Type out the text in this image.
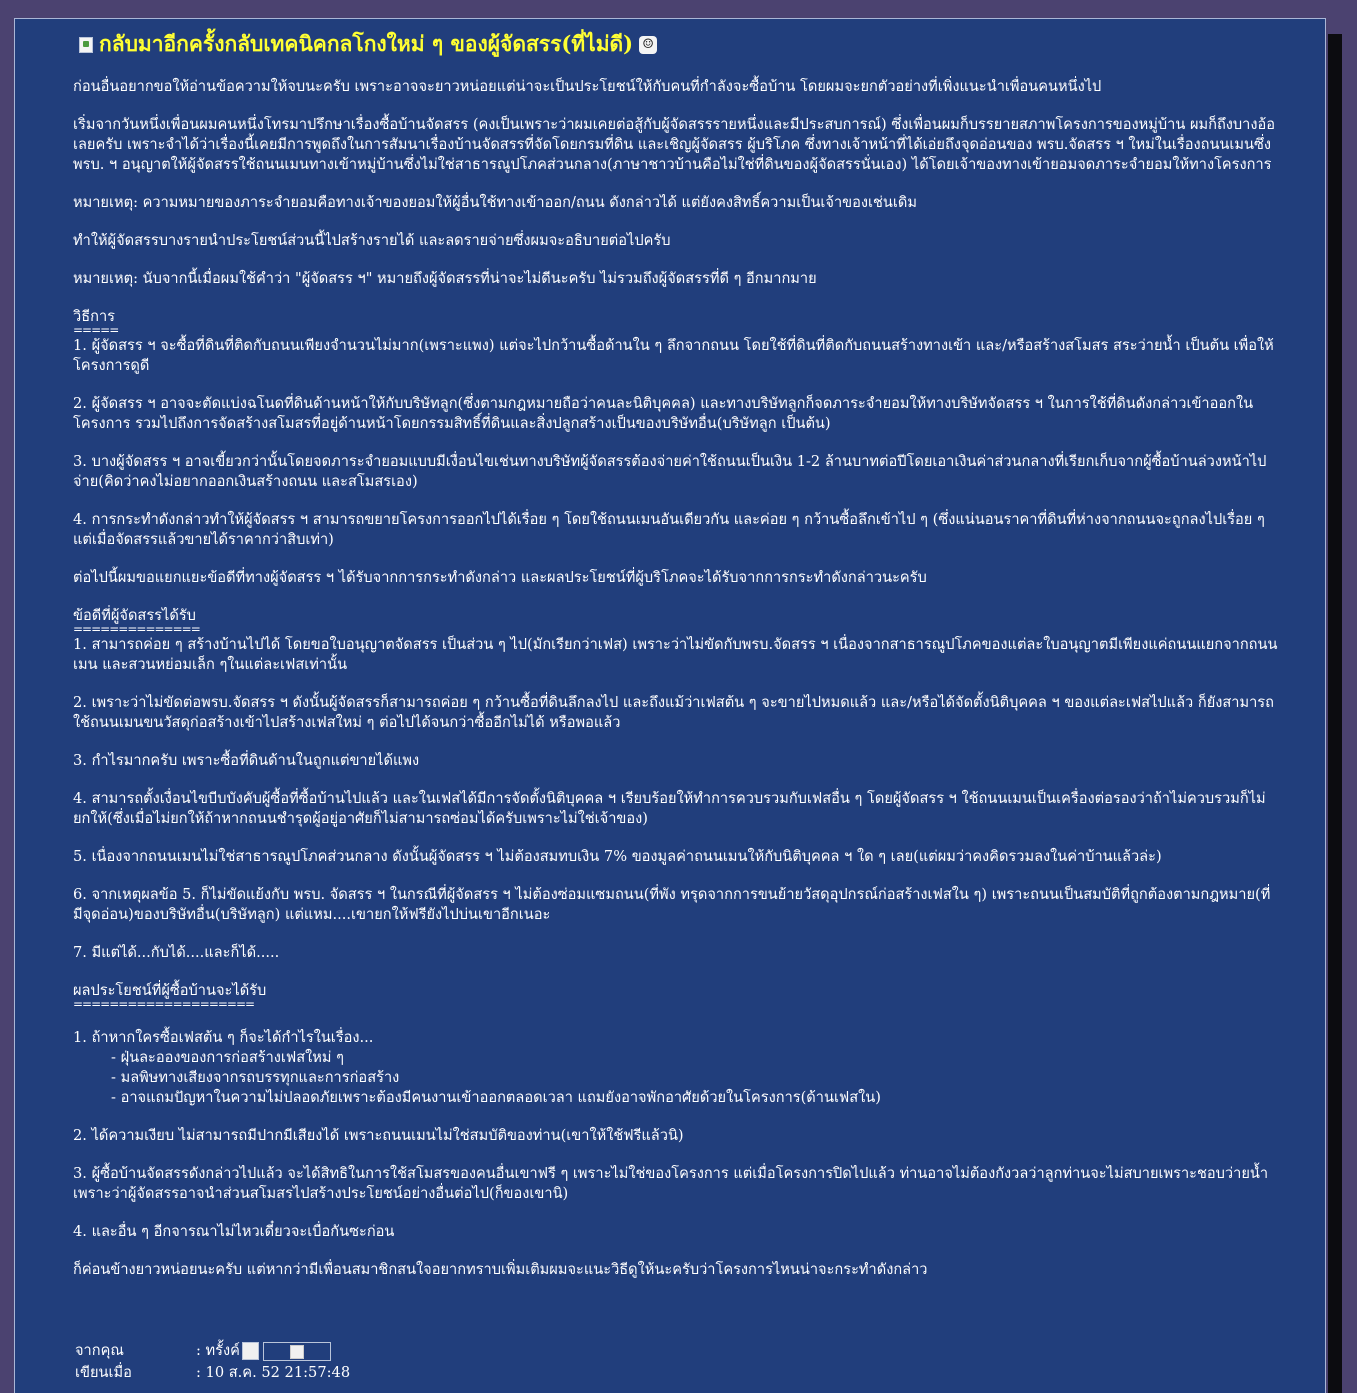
กลับมาอีกครั้งกลับเทคนิคกลโกงใหม่ ๆ ของผู้จัดสรร(ที่ไม่ดี) ☺

ก่อนอื่นอยากขอให้อ่านข้อความให้จบนะครับ เพราะอาจจะยาวหน่อยแต่น่าจะเป็นประโยชน์ให้กับคนที่กำลังจะซื้อบ้าน โดยผมจะยกตัวอย่างที่เพิ่งแนะนำเพื่อนคนหนึ่งไป

เริ่มจากวันหนึ่งเพื่อนผมคนหนึ่งโทรมาปรึกษาเรื่องซื้อบ้านจัดสรร (คงเป็นเพราะว่าผมเคยต่อสู้กับผู้จัดสรรรายหนึ่งและมีประสบการณ์) ซึ่งเพื่อนผมก็บรรยายสภาพโครงการของหมู่บ้าน ผมก็ถึงบางอ้อเลยครับ เพราะจำได้ว่าเรื่องนี้เคยมีการพูดถึงในการสัมนาเรื่องบ้านจัดสรรที่จัดโดยกรมที่ดิน และเชิญผู้จัดสรร ผู้บริโภค ซึ่งทางเจ้าหน้าที่ได้เอ่ยถึงจุดอ่อนของ พรบ.จัดสรร ฯ ใหม่ในเรื่องถนนเมนซึ่ง พรบ. ฯ อนุญาตให้ผู้จัดสรรใช้ถนนเมนทางเข้าหมู่บ้านซึ่งไม่ใช่สาธารณูปโภคส่วนกลาง(ภาษาชาวบ้านคือไม่ใช่ที่ดินของผู้จัดสรรนั่นเอง) ได้โดยเจ้าของทางเข้ายอมจดภาระจำยอมให้ทางโครงการ

หมายเหตุ: ความหมายของภาระจำยอมคือทางเจ้าของยอมให้ผู้อื่นใช้ทางเข้าออก/ถนน ดังกล่าวได้ แต่ยังคงสิทธิ์ความเป็นเจ้าของเช่นเดิม

ทำให้ผู้จัดสรรบางรายนำประโยชน์ส่วนนี้ไปสร้างรายได้ และลดรายจ่ายซึ่งผมจะอธิบายต่อไปครับ

หมายเหตุ: นับจากนี้เมื่อผมใช้คำว่า "ผู้จัดสรร ฯ" หมายถึงผู้จัดสรรที่น่าจะไม่ดีนะครับ ไม่รวมถึงผู้จัดสรรที่ดี ๆ อีกมากมาย

วิธีการ
=====

1. ผู้จัดสรร ฯ จะซื้อที่ดินที่ติดกับถนนเพียงจำนวนไม่มาก(เพราะแพง) แต่จะไปกว้านซื้อด้านใน ๆ ลึกจากถนน โดยใช้ที่ดินที่ติดกับถนนสร้างทางเข้า และ/หรือสร้างสโมสร สระว่ายน้ำ เป็นต้น เพื่อให้โครงการดูดี

2. ผู้จัดสรร ฯ อาจจะตัดแบ่งฉโนดที่ดินด้านหน้าให้กับบริษัทลูก(ซึ่งตามกฎหมายถือว่าคนละนิติบุคคล) และทางบริษัทลูกก็จดภาระจำยอมให้ทางบริษัทจัดสรร ฯ ในการใช้ที่ดินดังกล่าวเข้าออกในโครงการ รวมไปถึงการจัดสร้างสโมสรที่อยู่ด้านหน้าโดยกรรมสิทธิ์ที่ดินและสิ่งปลูกสร้างเป็นของบริษัทอื่น(บริษัทลูก เป็นต้น)

3. บางผู้จัดสรร ฯ อาจเขี้ยวกว่านั้นโดยจดภาระจำยอมแบบมีเงื่อนไขเช่นทางบริษัทผู้จัดสรรต้องจ่ายค่าใช้ถนนเป็นเงิน 1-2 ล้านบาทต่อปีโดยเอาเงินค่าส่วนกลางที่เรียกเก็บจากผู้ซื้อบ้านล่วงหน้าไปจ่าย(คิดว่าคงไม่อยากออกเงินสร้างถนน และสโมสรเอง)

4. การกระทำดังกล่าวทำให้ผู้จัดสรร ฯ สามารถขยายโครงการออกไปได้เรื่อย ๆ โดยใช้ถนนเมนอันเดียวกัน และค่อย ๆ กว้านซื้อลึกเข้าไป ๆ (ซึ่งแน่นอนราคาที่ดินที่ห่างจากถนนจะถูกลงไปเรื่อย ๆ แต่เมื่อจัดสรรแล้วขายได้ราคากว่าสิบเท่า)

ต่อไปนี้ผมขอแยกแยะข้อดีที่ทางผู้จัดสรร ฯ ได้รับจากการกระทำดังกล่าว และผลประโยชน์ที่ผู้บริโภคจะได้รับจากการกระทำดังกล่าวนะครับ

ข้อดีที่ผู้จัดสรรได้รับ
==============

1. สามารถค่อย ๆ สร้างบ้านไปได้ โดยขอใบอนุญาตจัดสรร เป็นส่วน ๆ ไป(มักเรียกว่าเฟส) เพราะว่าไม่ขัดกับพรบ.จัดสรร ฯ เนื่องจากสาธารณูปโภคของแต่ละใบอนุญาตมีเพียงแค่ถนนแยกจากถนนเมน และสวนหย่อมเล็ก ๆในแต่ละเฟสเท่านั้น

2. เพราะว่าไม่ขัดต่อพรบ.จัดสรร ฯ ดังนั้นผู้จัดสรรก็สามารถค่อย ๆ กว้านซื้อที่ดินลึกลงไป และถึงแม้ว่าเฟสต้น ๆ จะขายไปหมดแล้ว และ/หรือได้จัดตั้งนิติบุคคล ฯ ของแต่ละเฟสไปแล้ว ก็ยังสามารถใช้ถนนเมนขนวัสดุก่อสร้างเข้าไปสร้างเฟสใหม่ ๆ ต่อไปได้จนกว่าซื้ออีกไม่ได้ หรือพอแล้ว

3. กำไรมากครับ เพราะซื้อที่ดินด้านในถูกแต่ขายได้แพง

4. สามารถตั้งเงื่อนไขบีบบังคับผู้ซื้อที่ซื้อบ้านไปแล้ว และในเฟสได้มีการจัดตั้งนิติบุคคล ฯ เรียบร้อยให้ทำการควบรวมกับเฟสอื่น ๆ โดยผู้จัดสรร ฯ ใช้ถนนเมนเป็นเครื่องต่อรองว่าถ้าไม่ควบรวมก็ไม่ยกให้(ซึ่งเมื่อไม่ยกให้ถ้าหากถนนชำรุดผู้อยู่อาศัยก็ไม่สามารถซ่อมได้ครับเพราะไม่ใช่เจ้าของ)

5. เนื่องจากถนนเมนไม่ใช่สาธารณูปโภคส่วนกลาง ดังนั้นผู้จัดสรร ฯ ไม่ต้องสมทบเงิน 7% ของมูลค่าถนนเมนให้กับนิติบุคคล ฯ ใด ๆ เลย(แต่ผมว่าคงคิดรวมลงในค่าบ้านแล้วล่ะ)

6. จากเหตุผลข้อ 5. ก็ไม่ขัดแย้งกับ พรบ. จัดสรร ฯ ในกรณีที่ผู้จัดสรร ฯ ไม่ต้องซ่อมแซมถนน(ที่พัง ทรุดจากการขนย้ายวัสดุอุปกรณ์ก่อสร้างเฟสใน ๆ) เพราะถนนเป็นสมบัติที่ถูกต้องตามกฎหมาย(ที่มีจุดอ่อน)ของบริษัทอื่น(บริษัทลูก) แต่แหม....เขายกให้ฟรียังไปบ่นเขาอีกเนอะ

7. มีแต่ได้...กับได้....และก็ได้.....

ผลประโยชน์ที่ผู้ซื้อบ้านจะได้รับ
====================

1. ถ้าหากใครซื้อเฟสต้น ๆ ก็จะได้กำไรในเรื่อง...
- ฝุ่นละอองของการก่อสร้างเฟสใหม่ ๆ
- มลพิษทางเสียงจากรถบรรทุกและการก่อสร้าง
- อาจแถมปัญหาในความไม่ปลอดภัยเพราะต้องมีคนงานเข้าออกตลอดเวลา แถมยังอาจพักอาศัยด้วยในโครงการ(ด้านเฟสใน)

2. ได้ความเงียบ ไม่สามารถมีปากมีเสียงได้ เพราะถนนเมนไม่ใช่สมบัติของท่าน(เขาให้ใช้ฟรีแล้วนิ)

3. ผู้ซื้อบ้านจัดสรรดังกล่าวไปแล้ว จะได้สิทธิในการใช้สโมสรของคนอื่นเขาฟรี ๆ เพราะไม่ใช่ของโครงการ แต่เมื่อโครงการปิดไปแล้ว ท่านอาจไม่ต้องกังวลว่าลูกท่านจะไม่สบายเพราะชอบว่ายน้ำ เพราะว่าผู้จัดสรรอาจนำส่วนสโมสรไปสร้างประโยชน์อย่างอื่นต่อไป(ก็ของเขานิ)

4. และอื่น ๆ อีกจารณาไม่ไหวเดี๋ยวจะเบื่อกันซะก่อน

ก็ค่อนข้างยาวหน่อยนะครับ แต่หากว่ามีเพื่อนสมาชิกสนใจอยากทราบเพิ่มเติมผมจะแนะวิธีดูให้นะครับว่าโครงการไหนน่าจะกระทำดังกล่าว

จากคุณ	: ทรั้งค์
เขียนเมื่อ	: 10 ส.ค. 52 21:57:48
